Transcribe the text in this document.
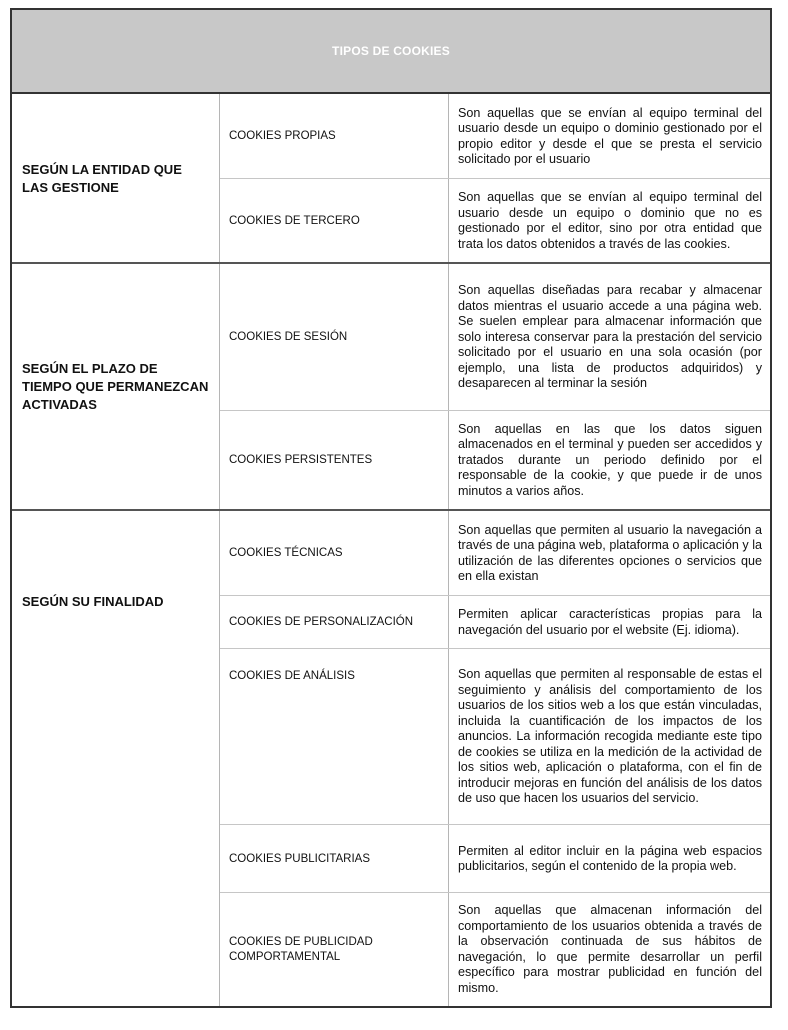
TIPOS DE COOKIES
SEGÚN LA ENTIDAD QUE LAS GESTIONE
COOKIES PROPIAS
Son aquellas que se envían al equipo terminal del usuario desde un equipo o dominio gestionado por el propio editor y desde el que se presta el servicio solicitado por el usuario
COOKIES DE TERCERO
Son aquellas que se envían al equipo terminal del usuario desde un equipo o dominio que no es gestionado por el editor, sino por otra entidad que trata los datos obtenidos a través de las cookies.
SEGÚN EL PLAZO DE TIEMPO QUE PERMANEZCAN ACTIVADAS
COOKIES DE SESIÓN
Son aquellas diseñadas para recabar y almacenar datos mientras el usuario accede a una página web. Se suelen emplear para almacenar información que solo interesa conservar para la prestación del servicio solicitado por el usuario en una sola ocasión (por ejemplo, una lista de productos adquiridos) y desaparecen al terminar la sesión
COOKIES PERSISTENTES
Son aquellas en las que los datos siguen almacenados en el terminal y pueden ser accedidos y tratados durante un periodo definido por el responsable de la cookie, y que puede ir de unos minutos a varios años.
SEGÚN SU FINALIDAD
COOKIES TÉCNICAS
Son aquellas que permiten al usuario la navegación a través de una página web, plataforma o aplicación y la utilización de las diferentes opciones o servicios que en ella existan
COOKIES DE PERSONALIZACIÓN
Permiten aplicar características propias para la navegación del usuario por el website (Ej. idioma).
COOKIES DE ANÁLISIS	Son aquellas que permiten al responsable de estas el seguimiento y análisis del comportamiento de los usuarios de los sitios web a los que están vinculadas, incluida la cuantificación de los impactos de los anuncios. La información recogida mediante este tipo de cookies se utiliza en la medición de la actividad de los sitios web, aplicación o plataforma, con el fin de introducir mejoras en función del análisis de los datos de uso que hacen los usuarios del servicio.
COOKIES PUBLICITARIAS
Permiten al editor incluir en la página web espacios publicitarios, según el contenido de la propia web.
COOKIES DE PUBLICIDAD COMPORTAMENTAL
Son aquellas que almacenan información del comportamiento de los usuarios obtenida a través de la observación continuada de sus hábitos de navegación, lo que permite desarrollar un perfil específico para mostrar publicidad en función del mismo.
